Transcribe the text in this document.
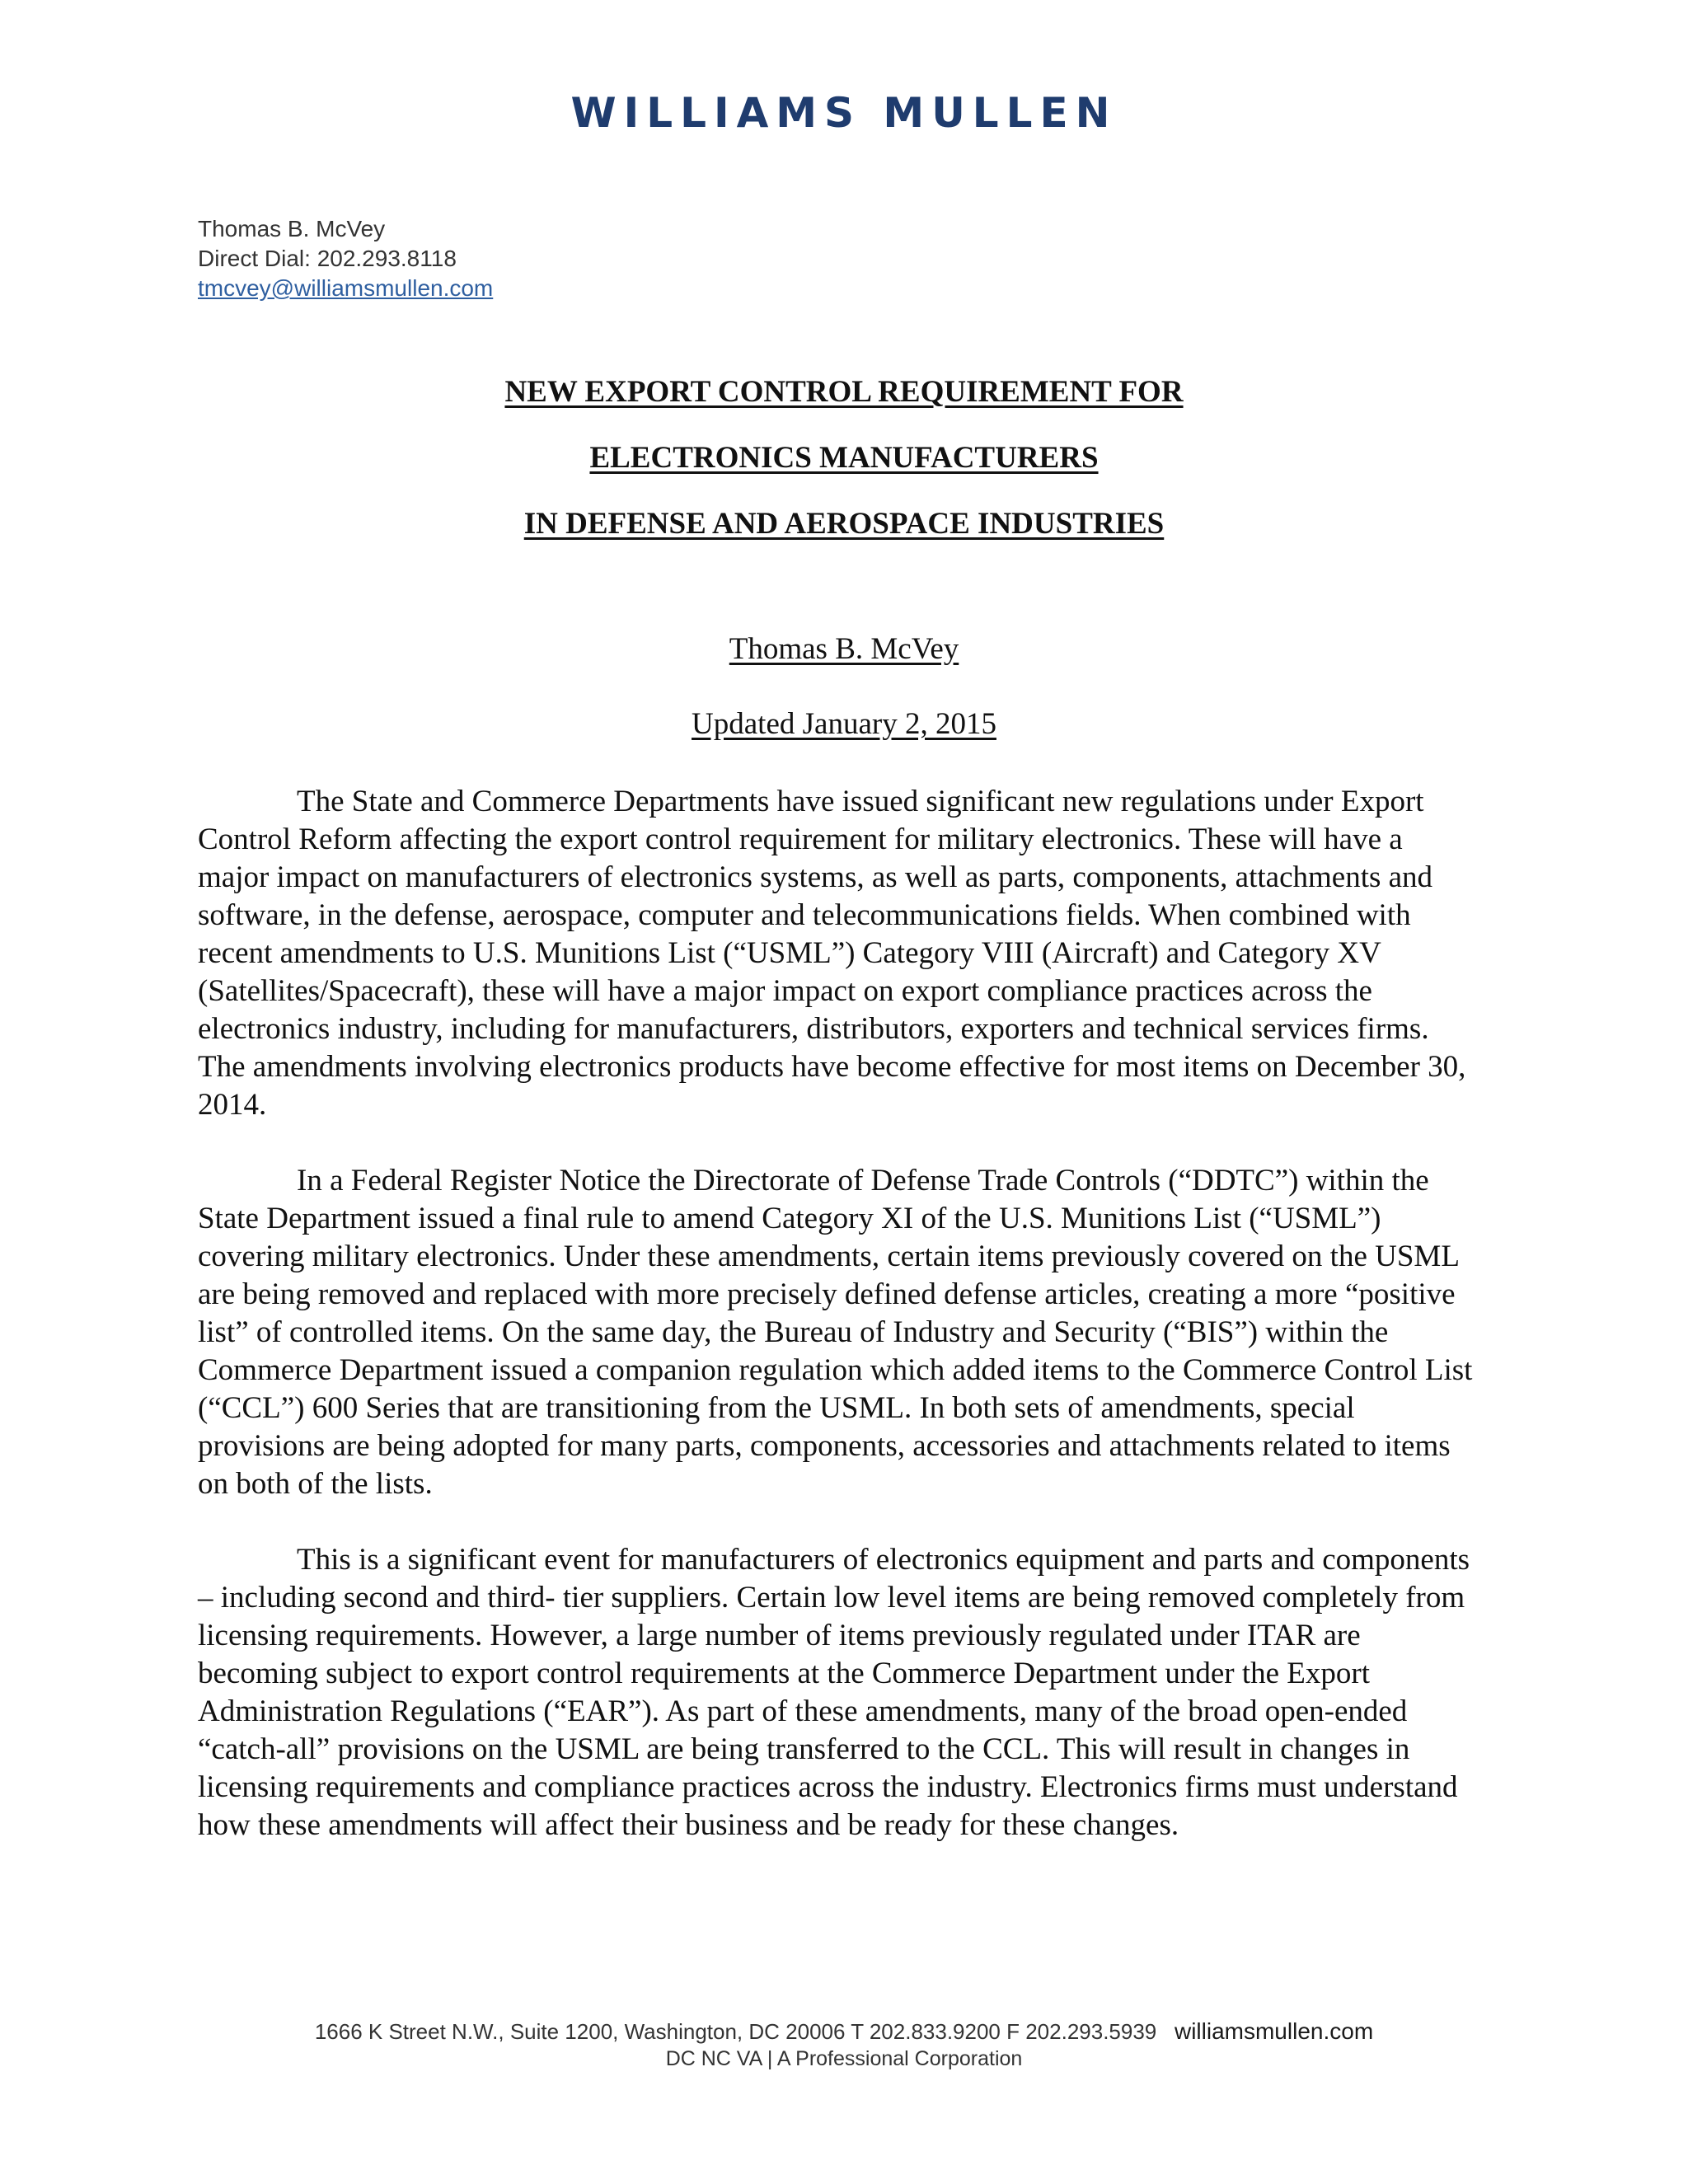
WILLIAMS MULLEN
Thomas B. McVey
Direct Dial: 202.293.8118
tmcvey@williamsmullen.com
NEW EXPORT CONTROL REQUIREMENT FOR
ELECTRONICS MANUFACTURERS
IN DEFENSE AND AEROSPACE INDUSTRIES
Thomas B. McVey
Updated January 2, 2015

The State and Commerce Departments have issued significant new regulations under Export Control Reform affecting the export control requirement for military electronics. These will have a major impact on manufacturers of electronics systems, as well as parts, components, attachments and software, in the defense, aerospace, computer and telecommunications fields. When combined with recent amendments to U.S. Munitions List (“USML”) Category VIII (Aircraft) and Category XV (Satellites/Spacecraft), these will have a major impact on export compliance practices across the electronics industry, including for manufacturers, distributors, exporters and technical services firms. The amendments involving electronics products have become effective for most items on December 30, 2014.

In a Federal Register Notice the Directorate of Defense Trade Controls (“DDTC”) within the State Department issued a final rule to amend Category XI of the U.S. Munitions List (“USML”) covering military electronics. Under these amendments, certain items previously covered on the USML are being removed and replaced with more precisely defined defense articles, creating a more “positive list” of controlled items. On the same day, the Bureau of Industry and Security (“BIS”) within the Commerce Department issued a companion regulation which added items to the Commerce Control List (“CCL”) 600 Series that are transitioning from the USML. In both sets of amendments, special provisions are being adopted for many parts, components, accessories and attachments related to items on both of the lists.

This is a significant event for manufacturers of electronics equipment and parts and components – including second and third- tier suppliers. Certain low level items are being removed completely from licensing requirements. However, a large number of items previously regulated under ITAR are becoming subject to export control requirements at the Commerce Department under the Export Administration Regulations (“EAR”). As part of these amendments, many of the broad open-ended “catch-all” provisions on the USML are being transferred to the CCL. This will result in changes in licensing requirements and compliance practices across the industry. Electronics firms must understand how these amendments will affect their business and be ready for these changes.

1666 K Street N.W., Suite 1200, Washington, DC 20006 T 202.833.9200 F 202.293.5939 williamsmullen.com
DC NC VA | A Professional Corporation
